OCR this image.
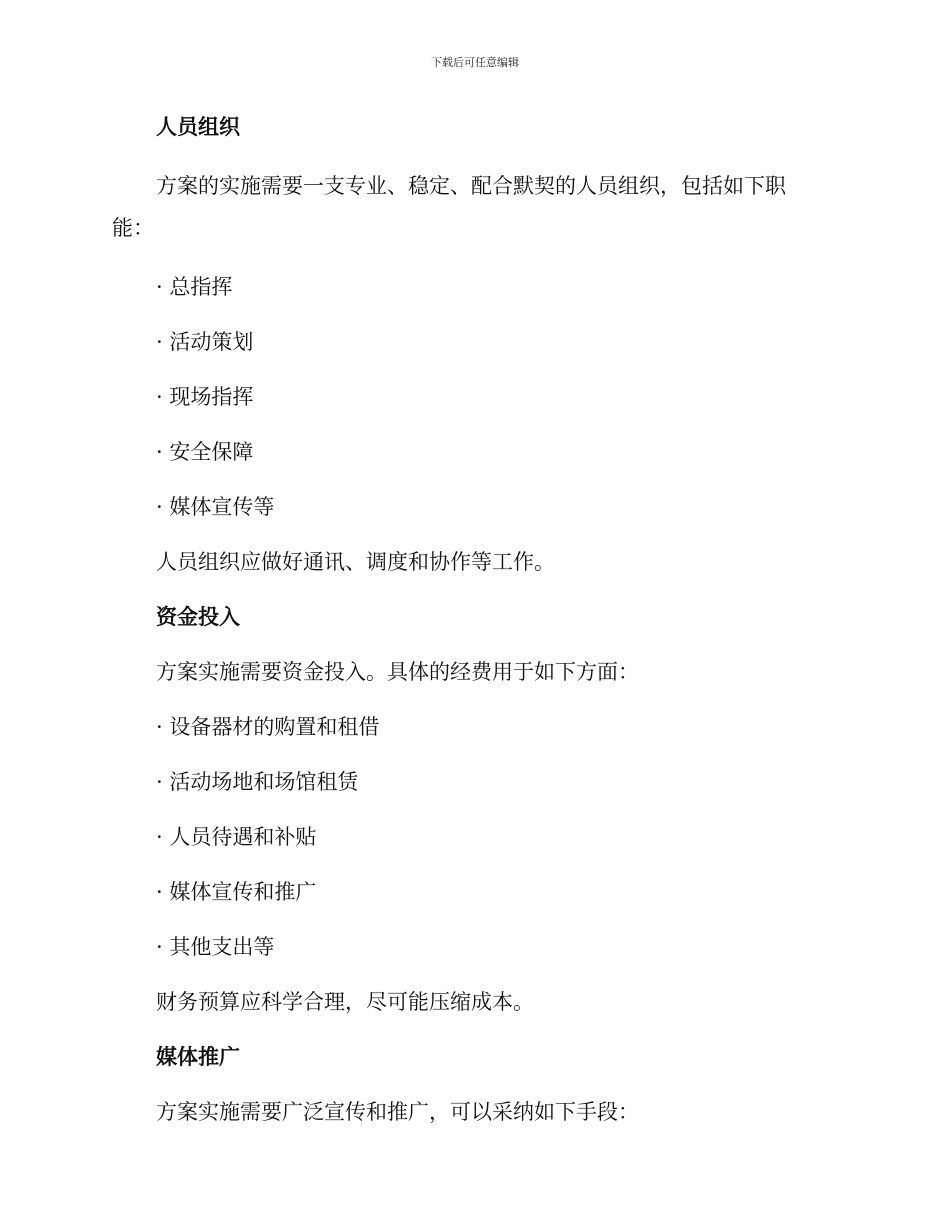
下载后可任意编辑
人员组织

方案的实施需要一支专业、稳定、配合默契的人员组织，包括如下职能：

· 总指挥
· 活动策划
· 现场指挥
· 安全保障
· 媒体宣传等
人员组织应做好通讯、调度和协作等工作。
资金投入
方案实施需要资金投入。具体的经费用于如下方面：
· 设备器材的购置和租借
· 活动场地和场馆租赁
· 人员待遇和补贴
· 媒体宣传和推广
· 其他支出等
财务预算应科学合理，尽可能压缩成本。
媒体推广
方案实施需要广泛宣传和推广，可以采纳如下手段：
